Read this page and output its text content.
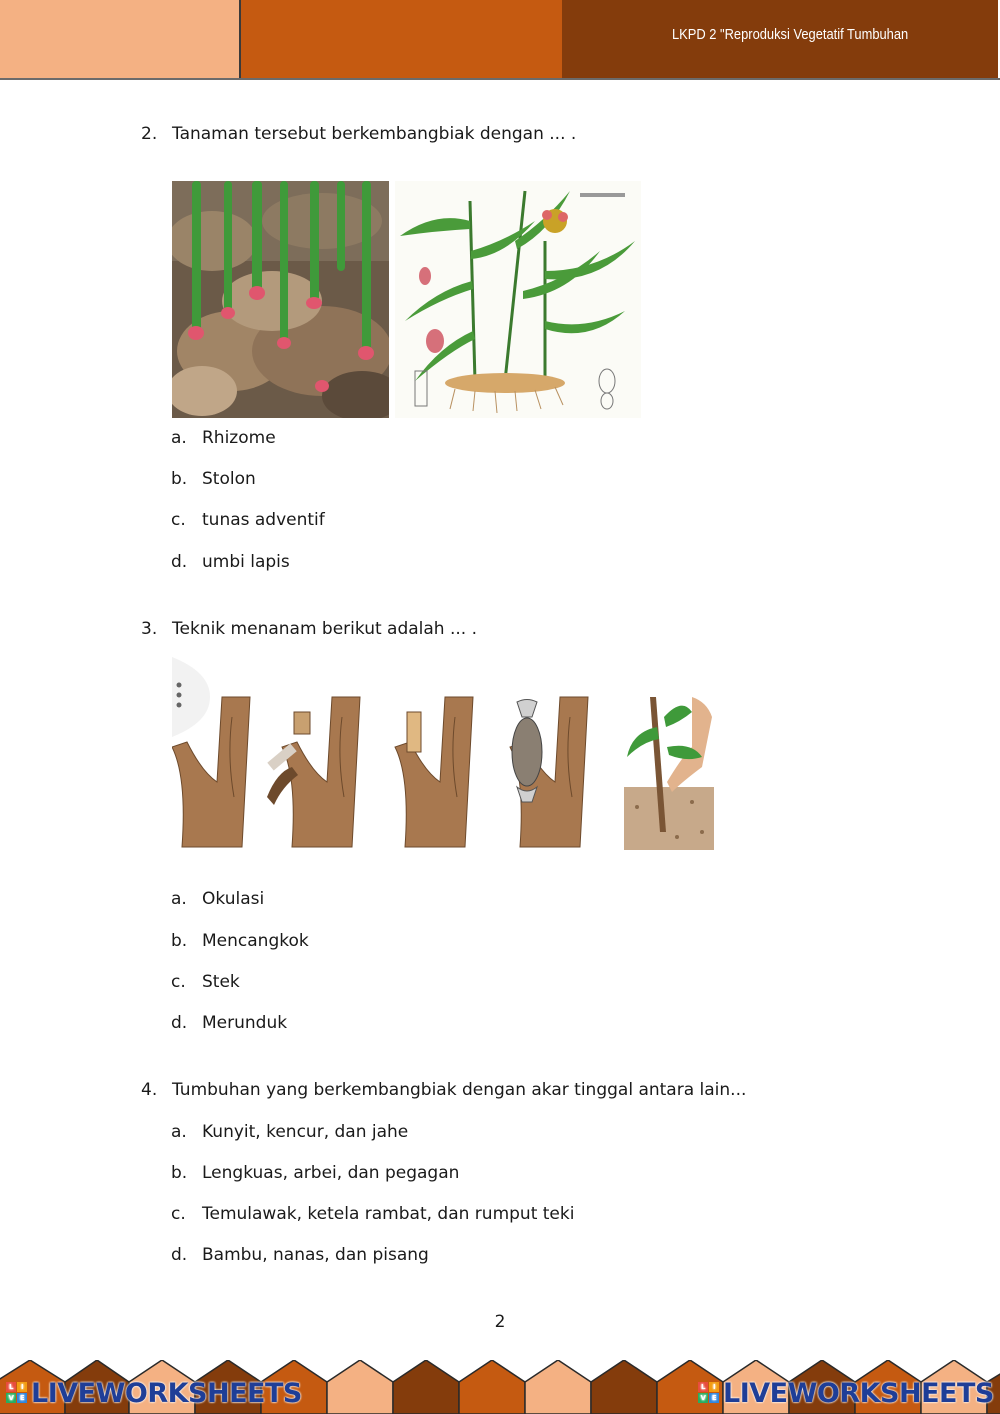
LKPD 2 "Reproduksi Vegetatif Tumbuhan
2. Tanaman tersebut berkembangbiak dengan ... .
a. Rhizome
b. Stolon
c. tunas adventif
d. umbi lapis
3. Teknik menanam berikut adalah ... .
a. Okulasi
b. Mencangkok
c. Stek
d. Merunduk
4. Tumbuhan yang berkembangbiak dengan akar tinggal antara lain...
a. Kunyit, kencur, dan jahe
b. Lengkuas, arbei, dan pegagan
c. Temulawak, ketela rambat, dan rumput teki
d. Bambu, nanas, dan pisang
2
L	I
V E LIVEWORKSHEETS	L	I
V E LIVEWORKSHEETS
